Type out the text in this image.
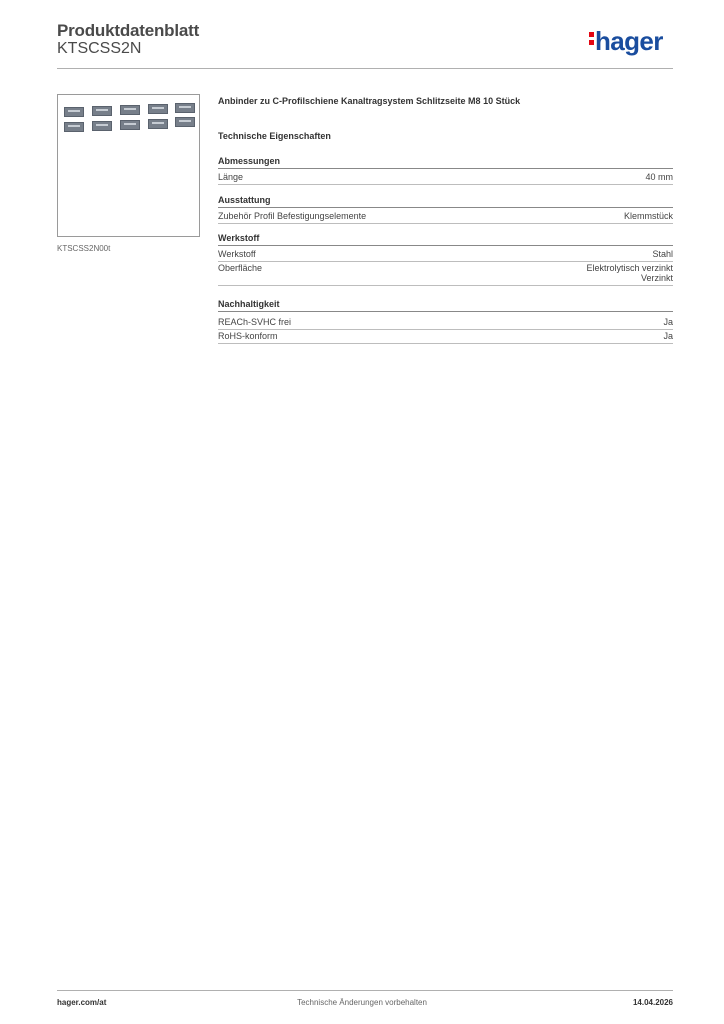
Produktdatenblatt
KTSCSS2N	hager
KTSCSS2N00t
Anbinder zu C-Profilschiene Kanaltragsystem Schlitzseite M8 10 Stück
Technische Eigenschaften
Abmessungen
Länge	40 mm
Ausstattung
Zubehör Profil Befestigungselemente	Klemmstück
Werkstoff
Werkstoff	Stahl
Oberfläche	Elektrolytisch verzinkt
Verzinkt
Nachhaltigkeit
REACh-SVHC frei	Ja
RoHS-konform	Ja
hager.com/at	Technische Änderungen vorbehalten	14.04.2026
